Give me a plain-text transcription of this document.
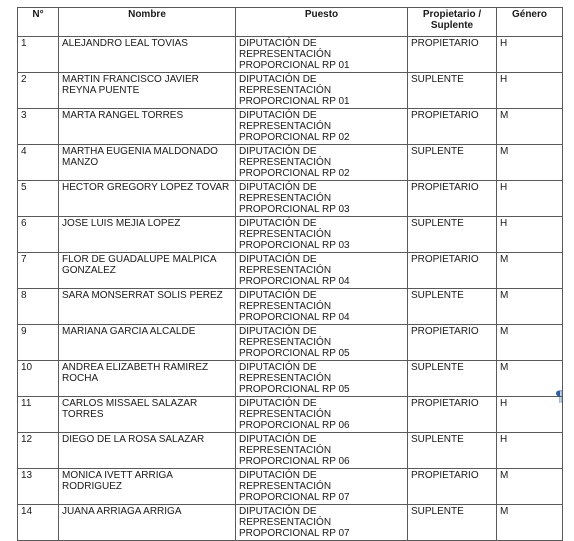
N°	Nombre	Puesto	Propietario / Suplente	Género
1	ALEJANDRO LEAL TOVIAS	DIPUTACIÓN DE REPRESENTACIÓN PROPORCIONAL RP 01	PROPIETARIO	H
2	MARTIN FRANCISCO JAVIER REYNA PUENTE	DIPUTACIÓN DE REPRESENTACIÓN PROPORCIONAL RP 01	SUPLENTE	H
3	MARTA RANGEL TORRES	DIPUTACIÓN DE REPRESENTACIÓN PROPORCIONAL RP 02	PROPIETARIO	M
4	MARTHA EUGENIA MALDONADO MANZO	DIPUTACIÓN DE REPRESENTACIÓN PROPORCIONAL RP 02	SUPLENTE	M
5	HECTOR GREGORY LOPEZ TOVAR	DIPUTACIÓN DE REPRESENTACIÓN PROPORCIONAL RP 03	PROPIETARIO	H
6	JOSE LUIS MEJIA LOPEZ	DIPUTACIÓN DE REPRESENTACIÓN PROPORCIONAL RP 03	SUPLENTE	H
7	FLOR DE GUADALUPE MALPICA GONZALEZ	DIPUTACIÓN DE REPRESENTACIÓN PROPORCIONAL RP 04	PROPIETARIO	M
8	SARA MONSERRAT SOLIS PEREZ	DIPUTACIÓN DE REPRESENTACIÓN PROPORCIONAL RP 04	SUPLENTE	M
9	MARIANA GARCIA ALCALDE	DIPUTACIÓN DE REPRESENTACIÓN PROPORCIONAL RP 05	PROPIETARIO	M
10	ANDREA ELIZABETH RAMIREZ ROCHA	DIPUTACIÓN DE REPRESENTACIÓN PROPORCIONAL RP 05	SUPLENTE	M
11	CARLOS MISSAEL SALAZAR TORRES	DIPUTACIÓN DE REPRESENTACIÓN PROPORCIONAL RP 06	PROPIETARIO	H
12	DIEGO DE LA ROSA SALAZAR	DIPUTACIÓN DE REPRESENTACIÓN PROPORCIONAL RP 06	SUPLENTE	H
13	MONICA IVETT ARRIGA RODRIGUEZ	DIPUTACIÓN DE REPRESENTACIÓN PROPORCIONAL RP 07	PROPIETARIO	M
14	JUANA ARRIAGA ARRIGA	DIPUTACIÓN DE REPRESENTACIÓN PROPORCIONAL RP 07	SUPLENTE	M
¶
